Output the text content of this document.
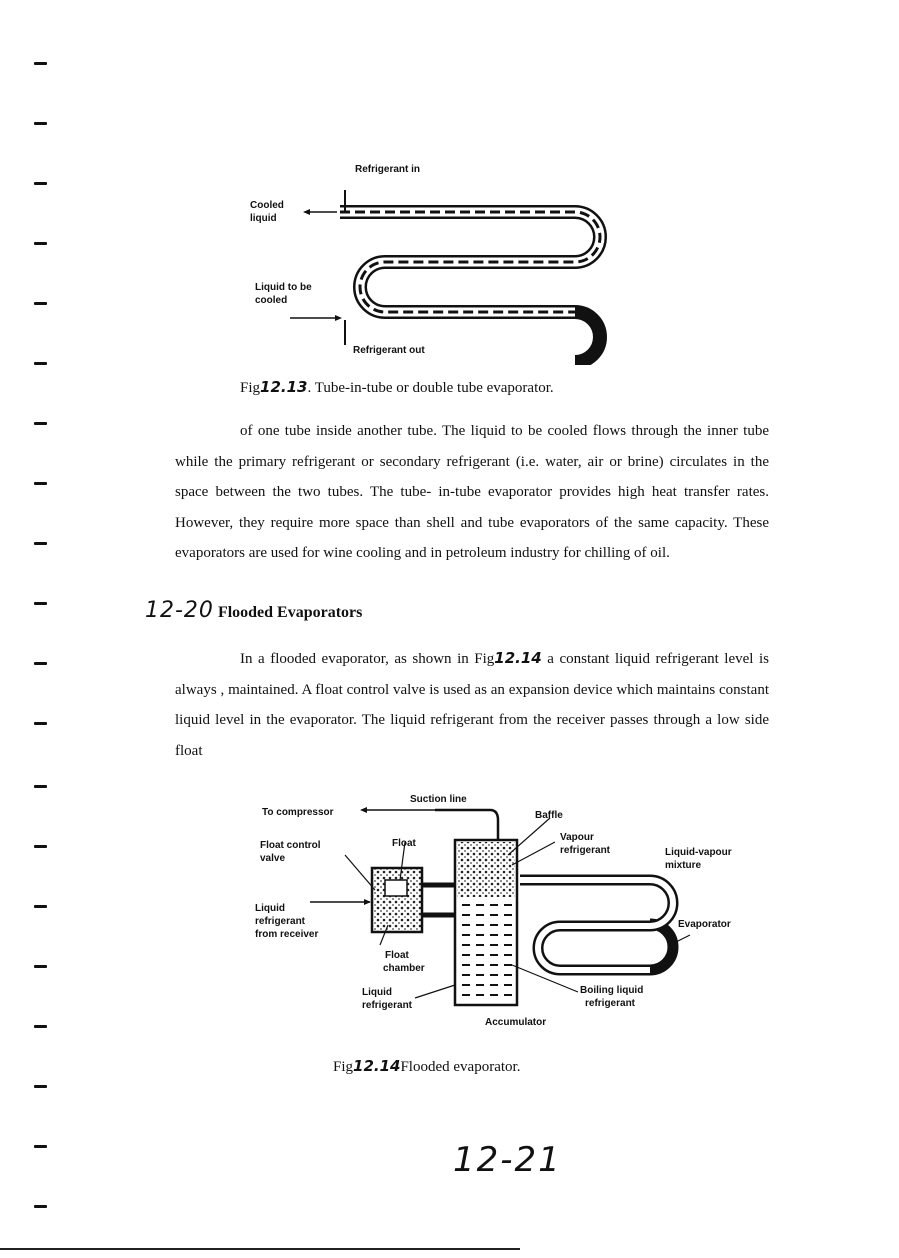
Refrigerant in
Cooled
liquid
Liquid to be
cooled
Refrigerant out
Fig12.13. Tube-in-tube or double tube evaporator.

of one tube inside another tube. The liquid to be cooled flows through the inner tube while the primary refrigerant or secondary refrigerant (i.e. water, air or brine) circulates in the space between the two tubes. The tube- in-tube evaporator provides high heat transfer rates. However, they require more space than shell and tube evaporators of the same capacity. These evaporators are used for wine cooling and in petroleum industry for chilling of oil.

12-20 Flooded Evaporators

In a flooded evaporator, as shown in Fig12.14 a constant liquid refrigerant level is always , maintained. A float control valve is used as an expansion device which maintains constant liquid level in the evaporator. The liquid refrigerant from the receiver passes through a low side float

To compressor
Suction line
Baffle
Float control
valve
Float
Vapour
refrigerant	Liquid-vapour
mixture
Liquid
refrigerant
from receiver
Evaporator
Float
chamber
Liquid
refrigerant
Boiling liquid
refrigerant
Accumulator
Fig12.14Flooded evaporator.
12-21
